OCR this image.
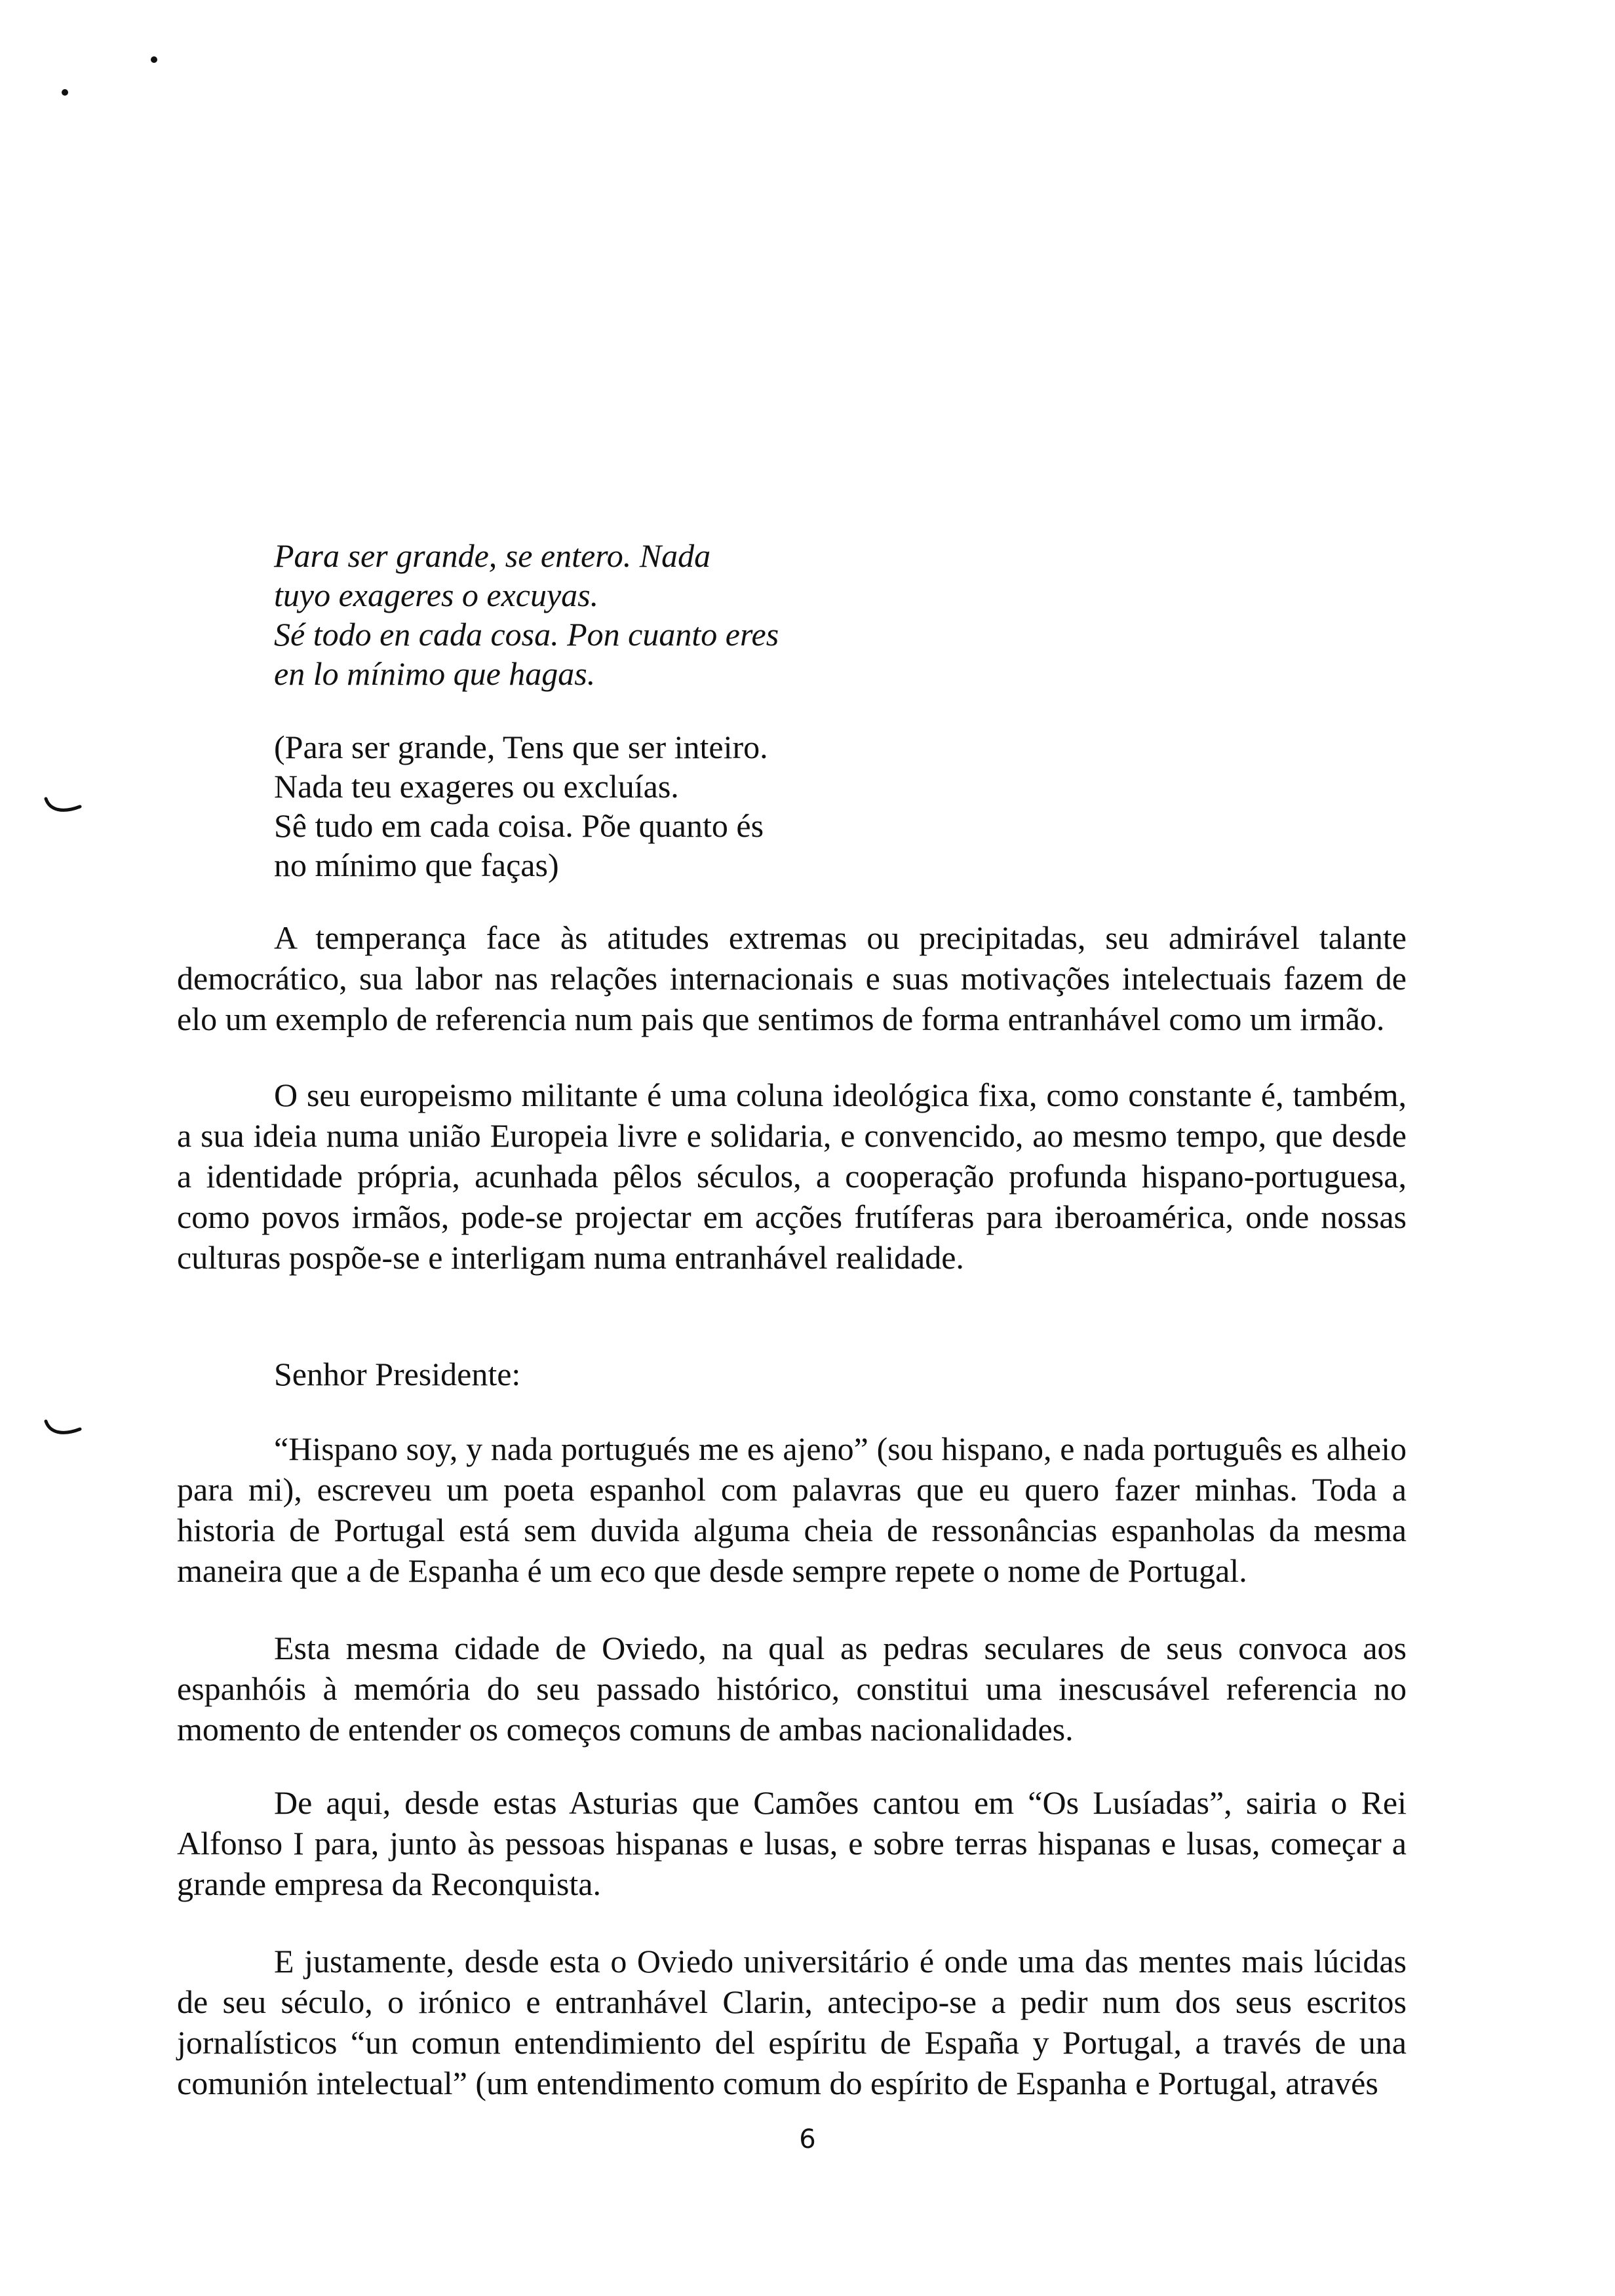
Para ser grande, se entero. Nada
tuyo exageres o excuyas.
Sé todo en cada cosa. Pon cuanto eres
en lo mínimo que hagas.
(Para ser grande, Tens que ser inteiro.
Nada teu exageres ou excluías.
Sê tudo em cada coisa. Põe quanto és
no mínimo que faças)

A temperança face às atitudes extremas ou precipitadas, seu admirável talante democrático, sua labor nas relações internacionais e suas motivações intelectuais fazem de elo um exemplo de referencia num pais que sentimos de forma entranhável como um irmão.

O seu europeismo militante é uma coluna ideológica fixa, como constante é, também, a sua ideia numa união Europeia livre e solidaria, e convencido, ao mesmo tempo, que desde a identidade própria, acunhada pêlos séculos, a cooperação profunda hispano-portuguesa, como povos irmãos, pode-se projectar em acções frutíferas para iberoamérica, onde nossas culturas pospõe-se e interligam numa entranhável realidade.

Senhor Presidente:

“Hispano soy, y nada portugués me es ajeno” (sou hispano, e nada português es alheio para mi), escreveu um poeta espanhol com palavras que eu quero fazer minhas. Toda a historia de Portugal está sem duvida alguma cheia de ressonâncias espanholas da mesma maneira que a de Espanha é um eco que desde sempre repete o nome de Portugal.

Esta mesma cidade de Oviedo, na qual as pedras seculares de seus convoca aos espanhóis à memória do seu passado histórico, constitui uma inescusável referencia no momento de entender os começos comuns de ambas nacionalidades.

De aqui, desde estas Asturias que Camões cantou em “Os Lusíadas”, sairia o Rei Alfonso I para, junto às pessoas hispanas e lusas, e sobre terras hispanas e lusas, começar a grande empresa da Reconquista.

E justamente, desde esta o Oviedo universitário é onde uma das mentes mais lúcidas de seu século, o irónico e entranhável Clarin, antecipo-se a pedir num dos seus escritos jornalísticos “un comun entendimiento del espíritu de España y Portugal, a través de una comunión intelectual” (um entendimento comum do espírito de Espanha e Portugal, através

6
